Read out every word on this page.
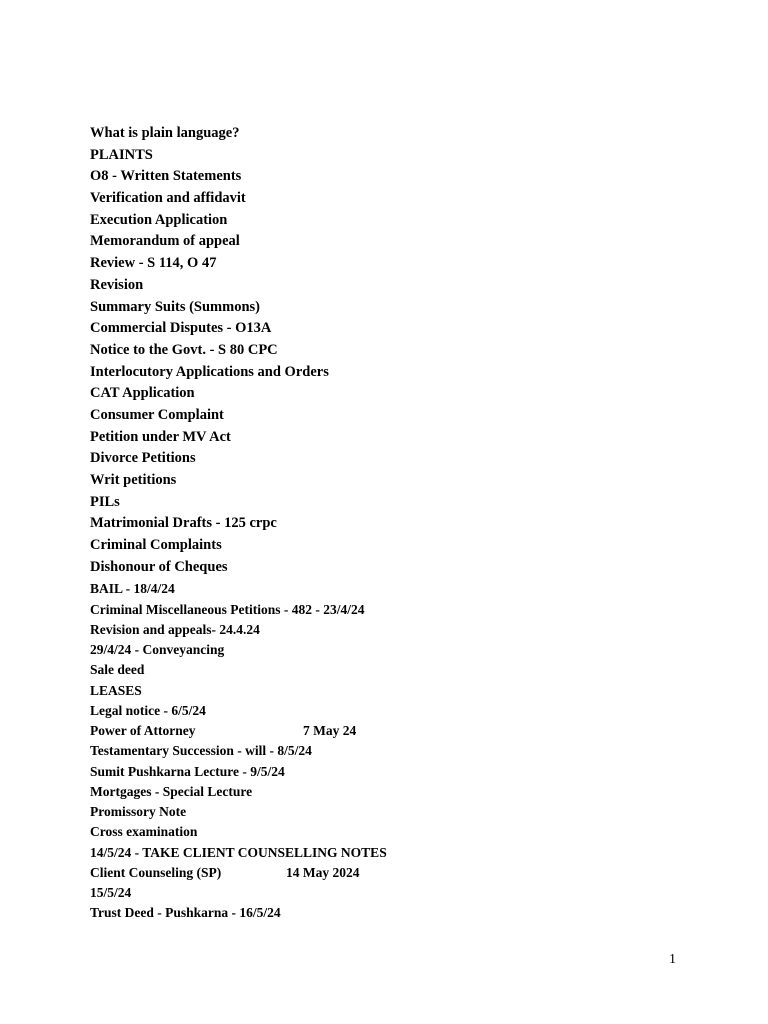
What is plain language?
PLAINTS
O8 - Written Statements
Verification and affidavit
Execution Application
Memorandum of appeal
Review - S 114, O 47
Revision
Summary Suits (Summons)
Commercial Disputes - O13A
Notice to the Govt. - S 80 CPC
Interlocutory Applications and Orders
CAT Application
Consumer Complaint
Petition under MV Act
Divorce Petitions
Writ petitions
PILs
Matrimonial Drafts - 125 crpc
Criminal Complaints
Dishonour of Cheques
BAIL - 18/4/24
Criminal Miscellaneous Petitions - 482 - 23/4/24
Revision and appeals- 24.4.24
29/4/24 - Conveyancing
Sale deed
LEASES
Legal notice - 6/5/24
Power of Attorney	7 May 24
Testamentary Succession - will - 8/5/24
Sumit Pushkarna Lecture - 9/5/24
Mortgages - Special Lecture
Promissory Note
Cross examination
14/5/24 - TAKE CLIENT COUNSELLING NOTES
Client Counseling (SP)	14 May 2024
15/5/24
Trust Deed - Pushkarna - 16/5/24
1
